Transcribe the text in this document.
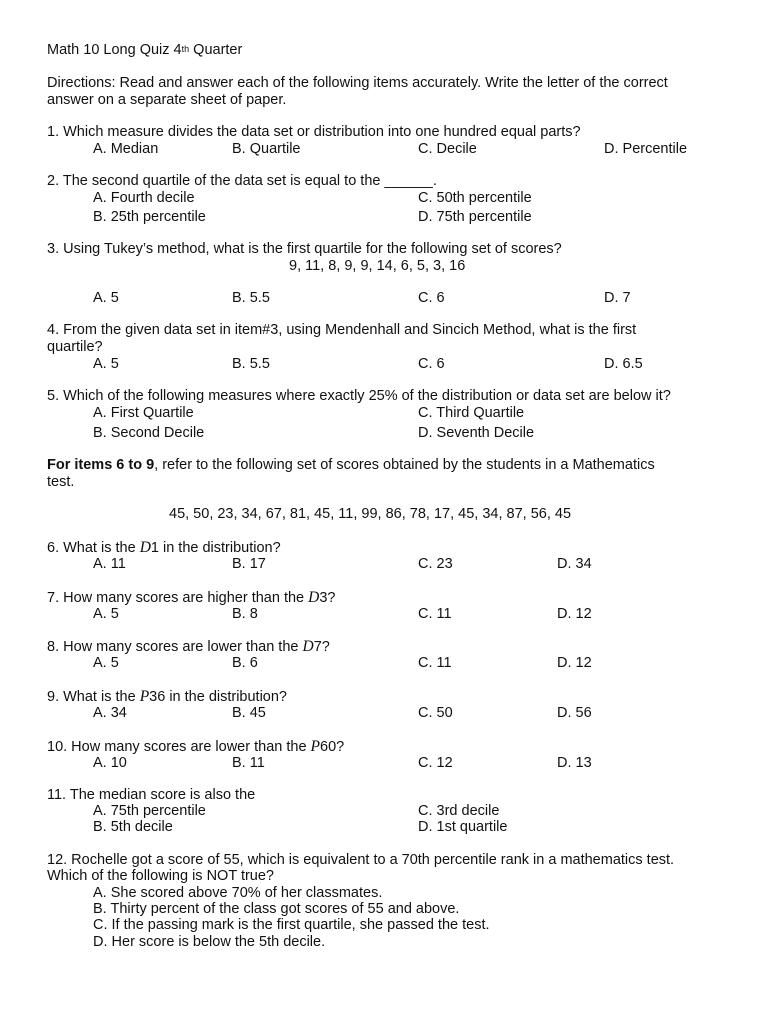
Math 10 Long Quiz 4th Quarter
Directions: Read and answer each of the following items accurately. Write the letter of the correct
answer on a separate sheet of paper.
1. Which measure divides the data set or distribution into one hundred equal parts?
A. Median	B. Quartile	C. Decile	D. Percentile
2. The second quartile of the data set is equal to the ______.
A. Fourth decile	C. 50th percentile
B. 25th percentile	D. 75th percentile
3. Using Tukey’s method, what is the first quartile for the following set of scores?
9, 11, 8, 9, 9, 14, 6, 5, 3, 16
A. 5	B. 5.5	C. 6	D. 7
4. From the given data set in item#3, using Mendenhall and Sincich Method, what is the first
quartile?
A. 5	B. 5.5	C. 6	D. 6.5
5. Which of the following measures where exactly 25% of the distribution or data set are below it?
A. First Quartile	C. Third Quartile
B. Second Decile	D. Seventh Decile
For items 6 to 9, refer to the following set of scores obtained by the students in a Mathematics
test.
45, 50, 23, 34, 67, 81, 45, 11, 99, 86, 78, 17, 45, 34, 87, 56, 45
6. What is the D1 in the distribution?
A. 11	B. 17	C. 23	D. 34
7. How many scores are higher than the D3?
A. 5	B. 8	C. 11	D. 12
8. How many scores are lower than the D7?
A. 5	B. 6	C. 11	D. 12
9. What is the P36 in the distribution?
A. 34	B. 45	C. 50	D. 56
10. How many scores are lower than the P60?
A. 10	B. 11	C. 12	D. 13
11. The median score is also the
A. 75th percentile	C. 3rd decile
B. 5th decile	D. 1st quartile
12. Rochelle got a score of 55, which is equivalent to a 70th percentile rank in a mathematics test.
Which of the following is NOT true?
A. She scored above 70% of her classmates.
B. Thirty percent of the class got scores of 55 and above.
C. If the passing mark is the first quartile, she passed the test.
D. Her score is below the 5th decile.
